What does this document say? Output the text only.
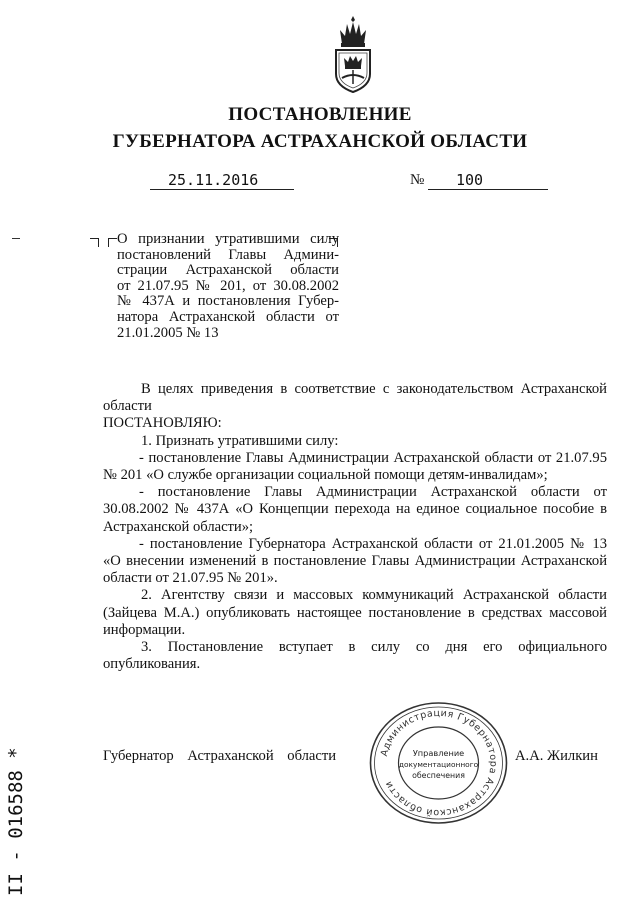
ПОСТАНОВЛЕНИЕ
ГУБЕРНАТОРА АСТРАХАНСКОЙ ОБЛАСТИ
25.11.2016	№	100
О признании утратившими силу
постановлений Главы Админи-
страции Астраханской области
от 21.07.95 № 201, от 30.08.2002
№ 437А и постановления Губер-
натора Астраханской области от
21.01.2005 № 13

В целях приведения в соответствие с законодательством Астраханской области

ПОСТАНОВЛЯЮ:

1. Признать утратившими силу:

- постановление Главы Администрации Астраханской области от 21.07.95 № 201 «О службе организации социальной помощи детям-инвалидам»;

- постановление Главы Администрации Астраханской области от 30.08.2002 № 437А «О Концепции перехода на единое социальное пособие в Астраханской области»;

- постановление Губернатора Астраханской области от 21.01.2005 № 13 «О внесении изменений в постановление Главы Администрации Астраханской области от 21.07.95 № 201».

2. Агентству связи и массовых коммуникаций Астраханской области (Зайцева М.А.) опубликовать настоящее постановление в средствах массовой информации.

3. Постановление вступает в силу со дня его официального опубликования.

Губернатор Астраханской области	А.А. Жилкин
Администрация Губернатора Астраханской области
Управление
документационного
обеспечения
II - 016588 *
